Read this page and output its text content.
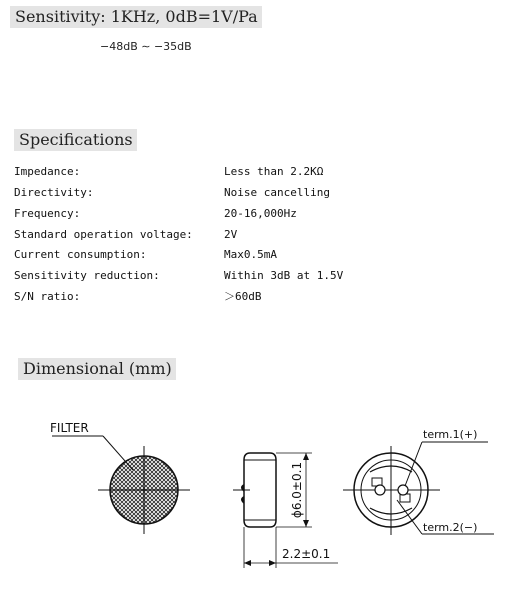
Sensitivity: 1KHz, 0dB=1V/Pa
−48dB ∼ −35dB
Specifications
Impedance:	Less than 2.2KΩ
Directivity:	Noise cancelling
Frequency:	20-16,000Hz
Standard operation voltage:	2V
Current consumption:	Max0.5mA
Sensitivity reduction:	Within 3dB at 1.5V
S/N ratio:	＞60dB
Dimensional (mm)
FILTER
ϕ6.0±0.1
2.2±0.1
term.1(+)
term.2(−)
